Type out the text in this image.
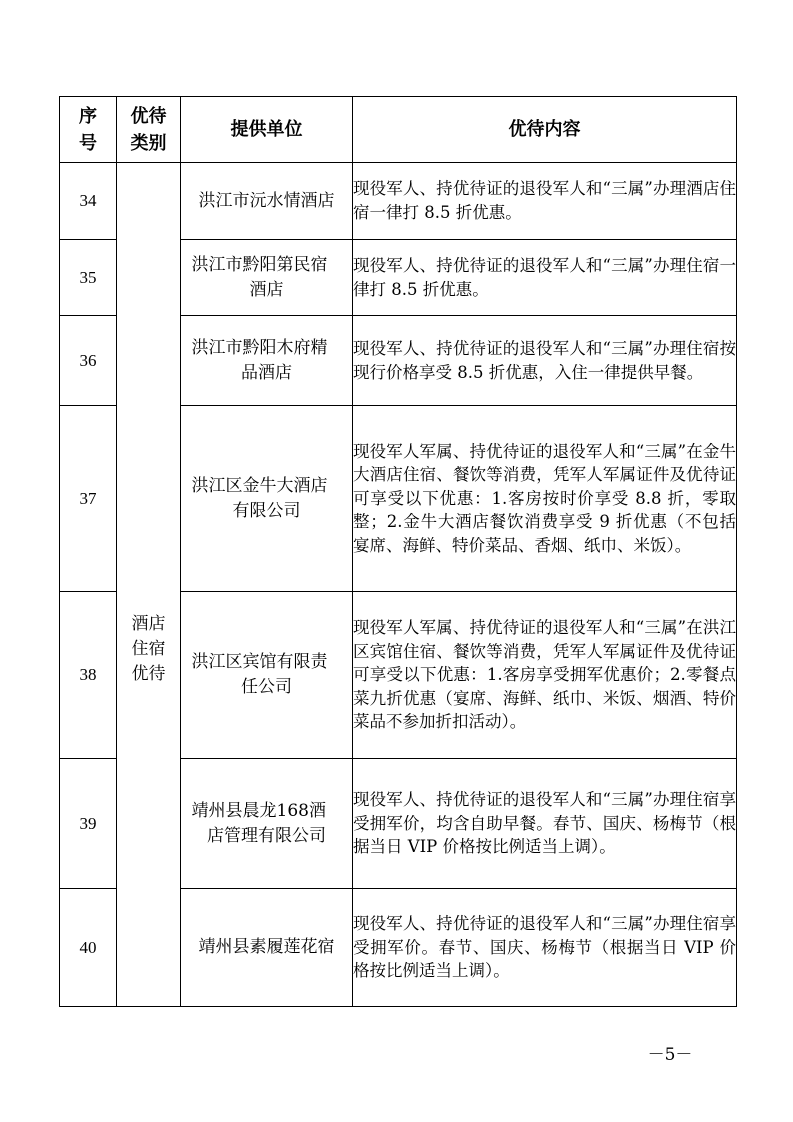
序号	优待类别	提供单位	优待内容
34	酒店住宿优待	洪江市沅水情酒店	现役军人、持优待证的退役军人和“三属”办理酒店住宿一律打 8.5 折优惠。
35		洪江市黔阳第民宿酒店	现役军人、持优待证的退役军人和“三属”办理住宿一律打 8.5 折优惠。
36		洪江市黔阳木府精品酒店	现役军人、持优待证的退役军人和“三属”办理住宿按现行价格享受 8.5 折优惠，入住一律提供早餐。
37		洪江区金牛大酒店有限公司	现役军人军属、持优待证的退役军人和“三属”在金牛大酒店住宿、餐饮等消费，凭军人军属证件及优待证可享受以下优惠：1.客房按时价享受 8.8 折，零取整；2.金牛大酒店餐饮消费享受 9 折优惠（不包括宴席、海鲜、特价菜品、香烟、纸巾、米饭）。
38		洪江区宾馆有限责任公司	现役军人军属、持优待证的退役军人和“三属”在洪江区宾馆住宿、餐饮等消费，凭军人军属证件及优待证可享受以下优惠：1.客房享受拥军优惠价；2.零餐点菜九折优惠（宴席、海鲜、纸巾、米饭、烟酒、特价菜品不参加折扣活动）。
39		靖州县晨龙168酒店管理有限公司	现役军人、持优待证的退役军人和“三属”办理住宿享受拥军价，均含自助早餐。春节、国庆、杨梅节（根据当日 VIP 价格按比例适当上调）。
40		靖州县素履莲花宿	现役军人、持优待证的退役军人和“三属”办理住宿享受拥军价。春节、国庆、杨梅节（根据当日 VIP 价格按比例适当上调）。
－5－
